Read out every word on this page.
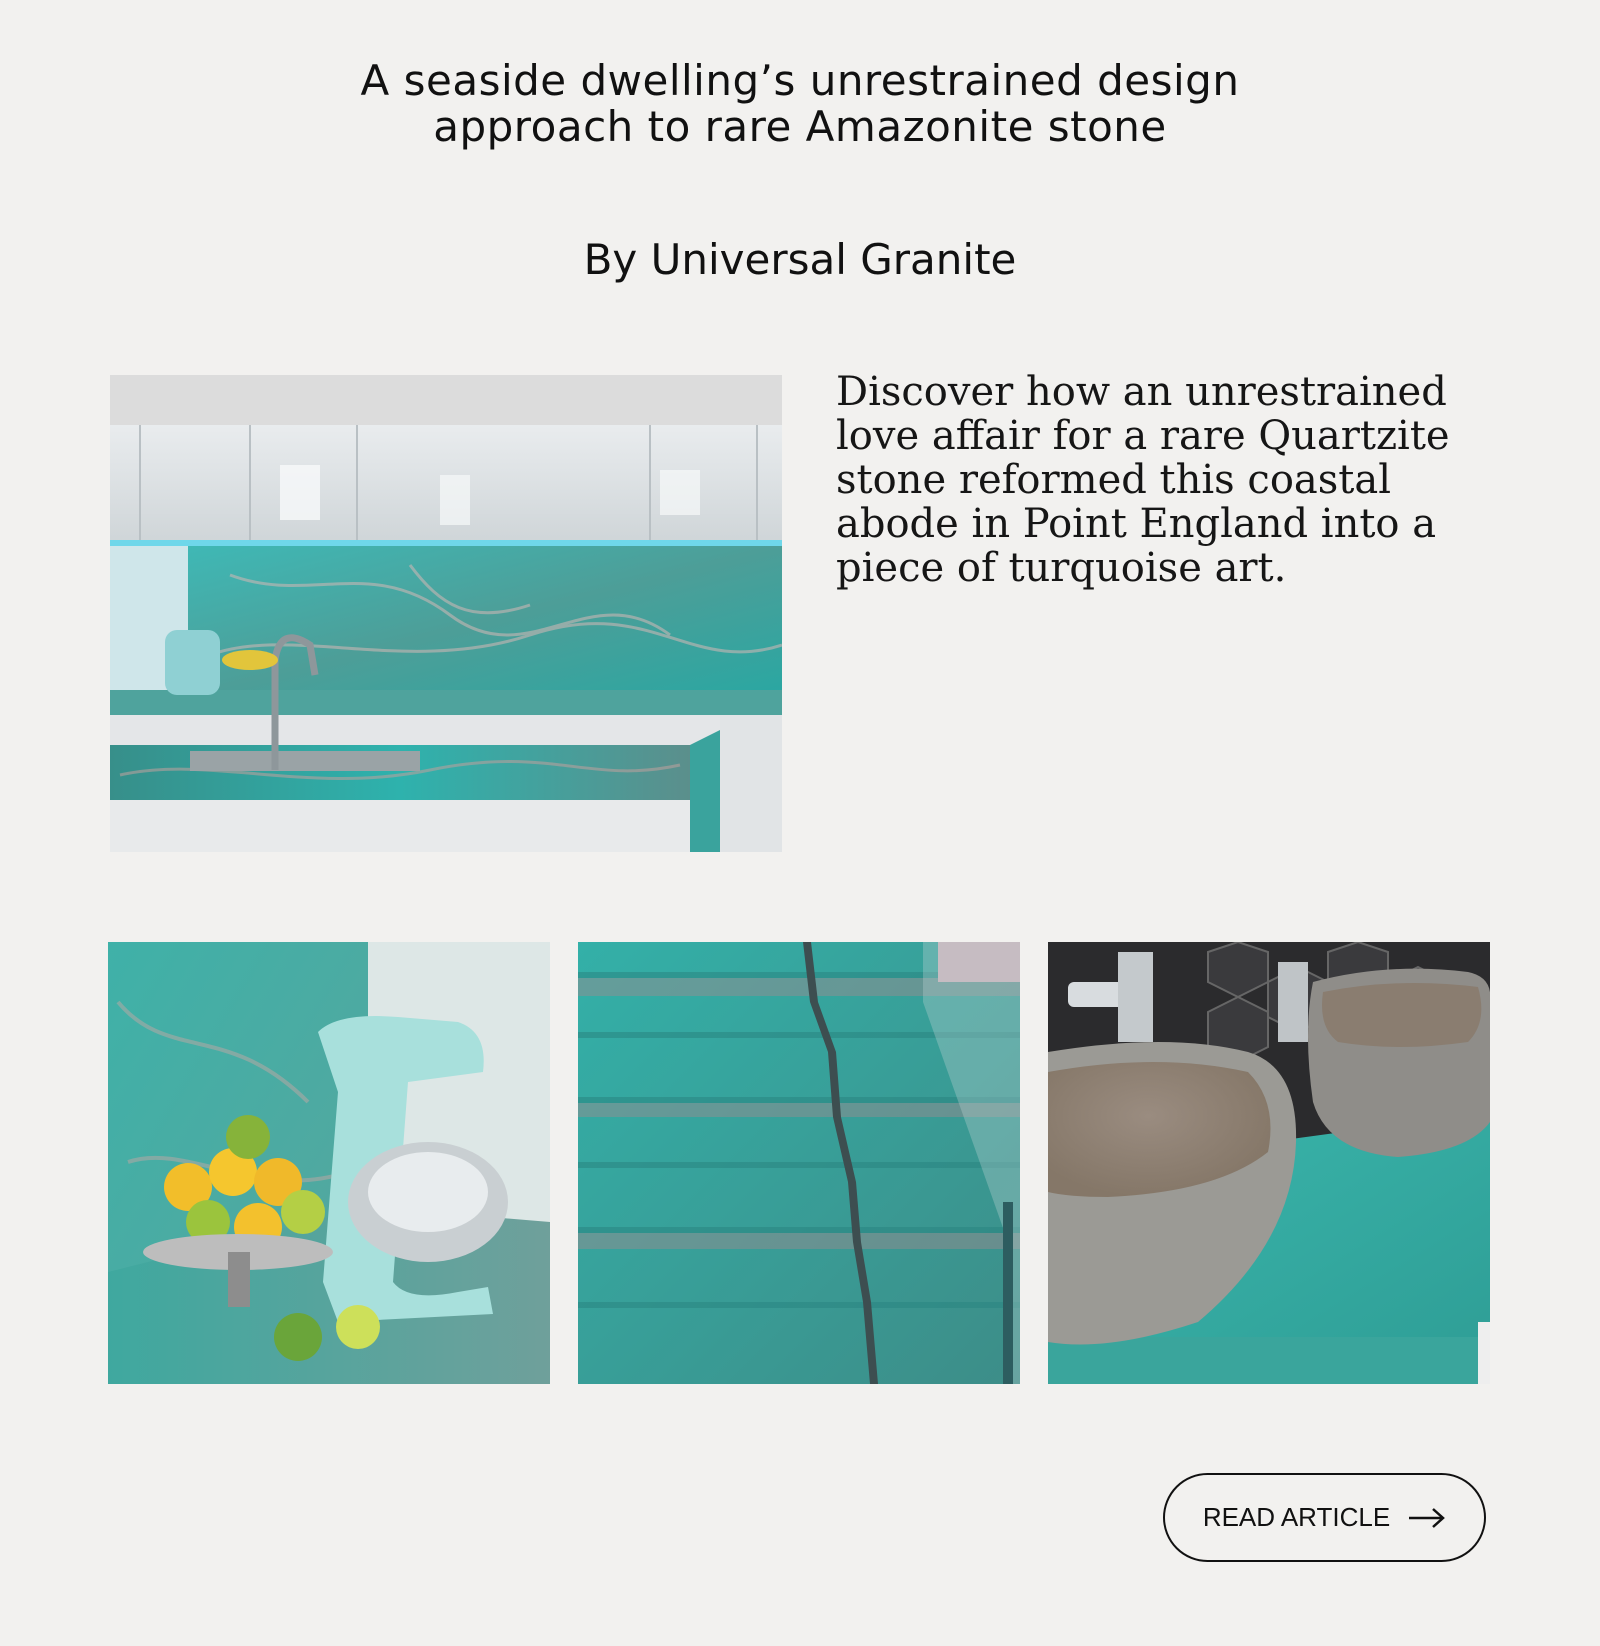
A seaside dwelling’s unrestrained design
approach to rare Amazonite stone

By Universal Granite

Discover how an unrestrained
love affair for a rare Quartzite
stone reformed this coastal
abode in Point England into a
piece of turquoise art.

READ ARTICLE
